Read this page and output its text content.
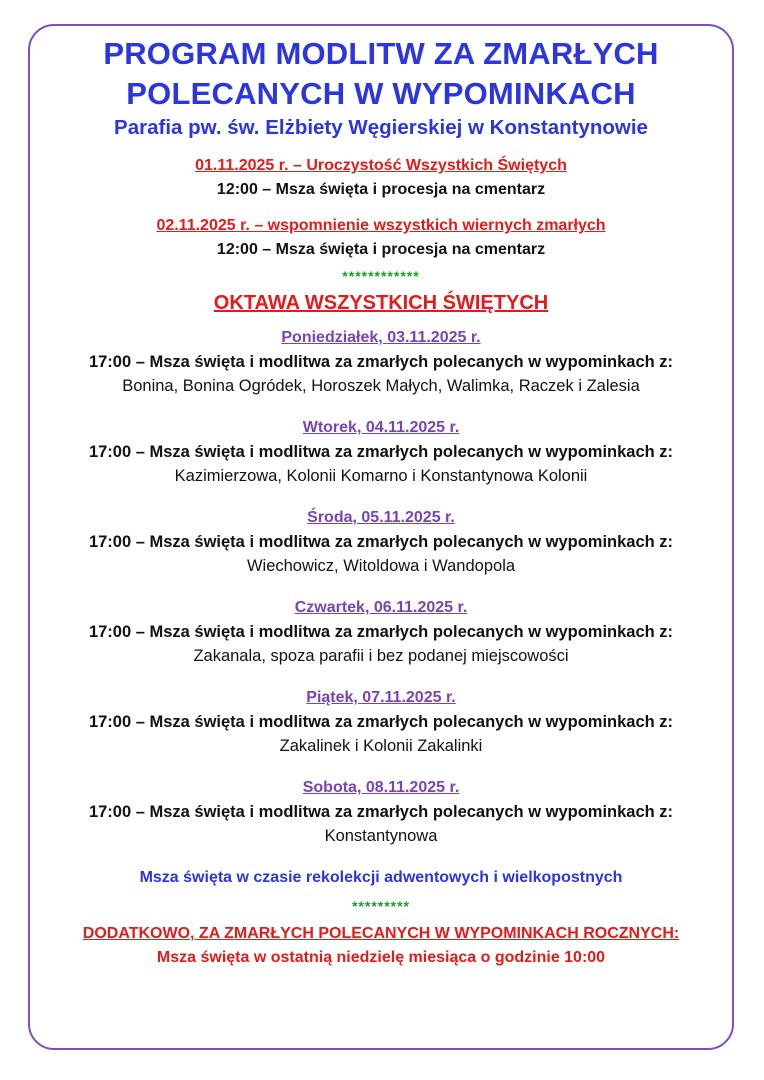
PROGRAM MODLITW ZA ZMARŁYCH
POLECANYCH W WYPOMINKACH
Parafia pw. św. Elżbiety Węgierskiej w Konstantynowie
01.11.2025 r. – Uroczystość Wszystkich Świętych
12:00 – Msza święta i procesja na cmentarz
02.11.2025 r. – wspomnienie wszystkich wiernych zmarłych
12:00 – Msza święta i procesja na cmentarz
************
OKTAWA WSZYSTKICH ŚWIĘTYCH
Poniedziałek, 03.11.2025 r.
17:00 – Msza święta i modlitwa za zmarłych polecanych w wypominkach z:
Bonina, Bonina Ogródek, Horoszek Małych, Walimka, Raczek i Zalesia
Wtorek, 04.11.2025 r.
17:00 – Msza święta i modlitwa za zmarłych polecanych w wypominkach z:
Kazimierzowa, Kolonii Komarno i Konstantynowa Kolonii
Środa, 05.11.2025 r.
17:00 – Msza święta i modlitwa za zmarłych polecanych w wypominkach z:
Wiechowicz, Witoldowa i Wandopola
Czwartek, 06.11.2025 r.
17:00 – Msza święta i modlitwa za zmarłych polecanych w wypominkach z:
Zakanala, spoza parafii i bez podanej miejscowości
Piątek, 07.11.2025 r.
17:00 – Msza święta i modlitwa za zmarłych polecanych w wypominkach z:
Zakalinek i Kolonii Zakalinki
Sobota, 08.11.2025 r.
17:00 – Msza święta i modlitwa za zmarłych polecanych w wypominkach z:
Konstantynowa
Msza święta w czasie rekolekcji adwentowych i wielkopostnych
*********
DODATKOWO, ZA ZMARŁYCH POLECANYCH W WYPOMINKACH ROCZNYCH:
Msza święta w ostatnią niedzielę miesiąca o godzinie 10:00
